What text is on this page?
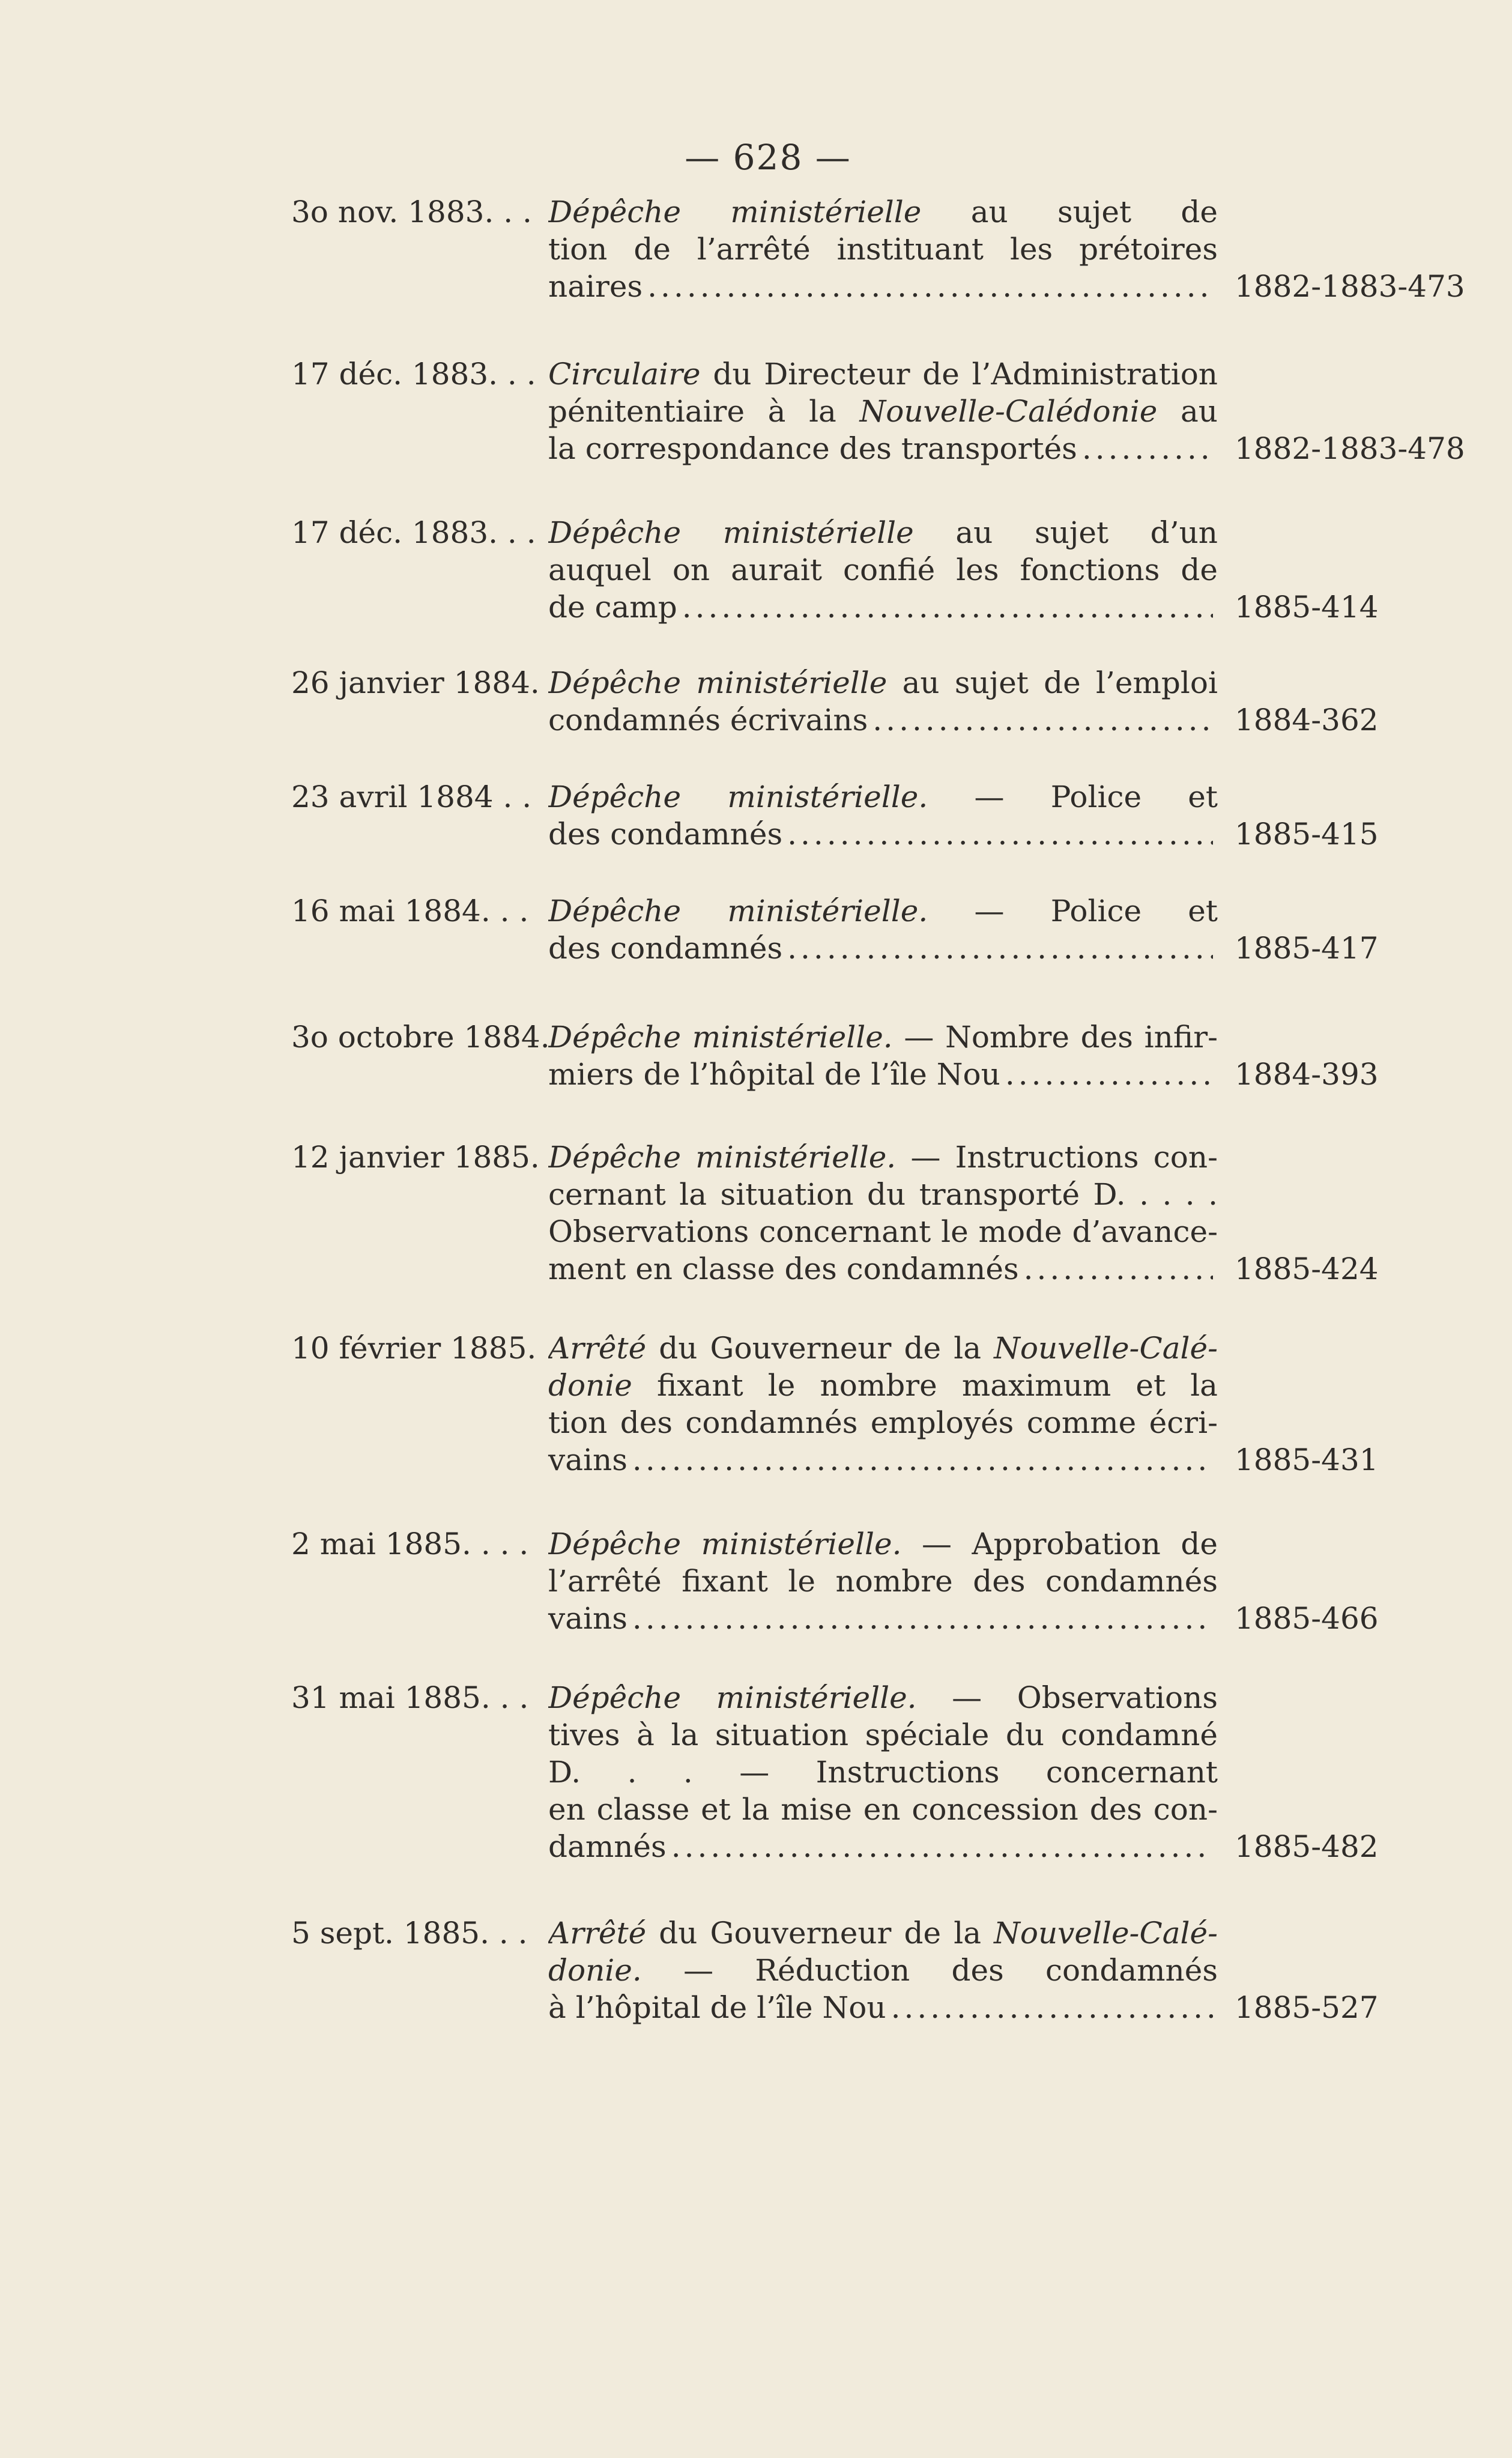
— 628 —
3o nov. 1883. . . Dépêche ministérielle au sujet de
tion de l’arrêté instituant les prétoires
naires .....	1882-1883-473
17 déc. 1883. . . Circulaire du Directeur de l’Administration
pénitentiaire à la Nouvelle-Calédonie au
la correspondance des transportés .....	1882-1883-478
17 déc. 1883. . . Dépêche ministérielle au sujet d’un
auquel on aurait confié les fonctions de
de camp .....	1885-414
26 janvier 1884. Dépêche ministérielle au sujet de l’emploi
condamnés écrivains .....	1884-362
23 avril 1884 . . Dépêche ministérielle. — Police et
des condamnés .....	1885-415
16 mai 1884. . . Dépêche ministérielle. — Police et
des condamnés .....	1885-417
3o octobre 1884.
Dépêche ministérielle. — Nombre des infir-
miers de l’hôpital de l’île Nou .....	1884-393
12 janvier 1885. Dépêche ministérielle. — Instructions con-
cernant la situation du transporté D. . . . .
Observations concernant le mode d’avance-
ment en classe des condamnés .....	1885-424
10 février 1885. Arrêté du Gouverneur de la Nouvelle-Calé-
donie fixant le nombre maximum et la
tion des condamnés employés comme écri-
vains .....	1885-431
2 mai 1885. . . . Dépêche ministérielle. — Approbation de
l’arrêté fixant le nombre des condamnés
vains .....	1885-466
31 mai 1885. . . Dépêche ministérielle. — Observations
tives à la situation spéciale du condamné
D. . . — Instructions concernant
en classe et la mise en concession des con-
damnés .....	1885-482
5 sept. 1885. . . Arrêté du Gouverneur de la Nouvelle-Calé-
donie. — Réduction des condamnés
à l’hôpital de l’île Nou .....	1885-527
